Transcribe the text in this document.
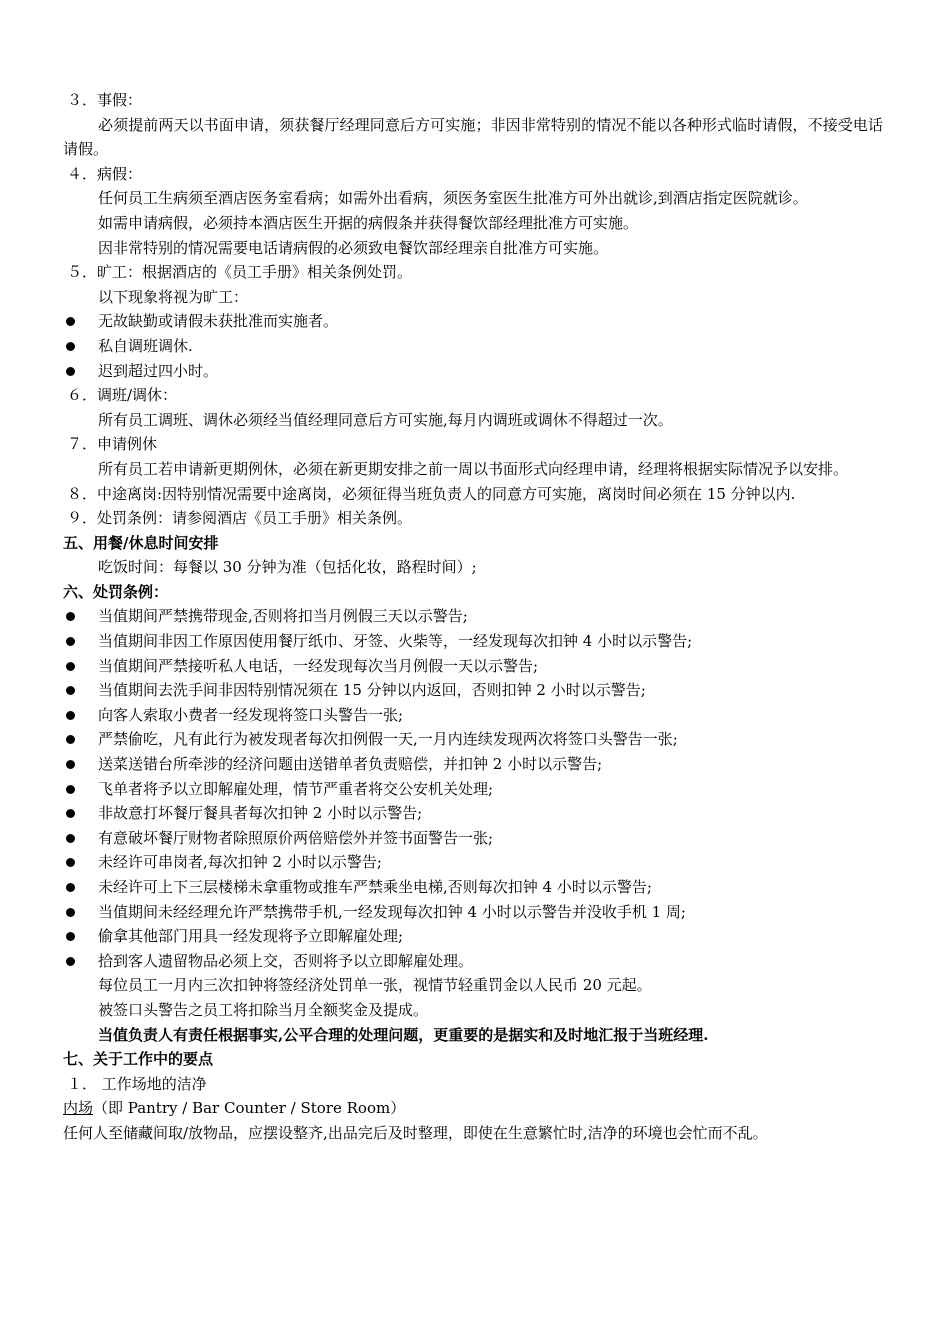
３．事假：

必须提前两天以书面申请，须获餐厅经理同意后方可实施；非因非常特别的情况不能以各种形式临时请假，不接受电话请假。

４．病假：

任何员工生病须至酒店医务室看病；如需外出看病，须医务室医生批准方可外出就诊,到酒店指定医院就诊。

如需申请病假，必须持本酒店医生开据的病假条并获得餐饮部经理批准方可实施。

因非常特别的情况需要电话请病假的必须致电餐饮部经理亲自批准方可实施。

５．旷工：根据酒店的《员工手册》相关条例处罚。

以下现象将视为旷工：

无故缺勤或请假未获批准而实施者。

私自调班调休.

迟到超过四小时。

６．调班/调休：

所有员工调班、调休必须经当值经理同意后方可实施,每月内调班或调休不得超过一次。

７．申请例休

所有员工若申请新更期例休，必须在新更期安排之前一周以书面形式向经理申请，经理将根据实际情况予以安排。

８．中途离岗:因特别情况需要中途离岗，必须征得当班负责人的同意方可实施，离岗时间必须在 15 分钟以内.

９．处罚条例：请参阅酒店《员工手册》相关条例。

五、用餐/休息时间安排

吃饭时间：每餐以 30 分钟为准（包括化妆，路程时间）;

六、处罚条例：

当值期间严禁携带现金,否则将扣当月例假三天以示警告;

当值期间非因工作原因使用餐厅纸巾、牙签、火柴等，一经发现每次扣钟 4 小时以示警告;

当值期间严禁接听私人电话，一经发现每次当月例假一天以示警告;

当值期间去洗手间非因特别情况须在 15 分钟以内返回，否则扣钟 2 小时以示警告;

向客人索取小费者一经发现将签口头警告一张;

严禁偷吃，凡有此行为被发现者每次扣例假一天,一月内连续发现两次将签口头警告一张;

送菜送错台所牵涉的经济问题由送错单者负责赔偿，并扣钟 2 小时以示警告;

飞单者将予以立即解雇处理，情节严重者将交公安机关处理;

非故意打坏餐厅餐具者每次扣钟 2 小时以示警告;

有意破坏餐厅财物者除照原价两倍赔偿外并签书面警告一张;

未经许可串岗者,每次扣钟 2 小时以示警告;

未经许可上下三层楼梯未拿重物或推车严禁乘坐电梯,否则每次扣钟 4 小时以示警告;

当值期间未经经理允许严禁携带手机,一经发现每次扣钟 4 小时以示警告并没收手机 1 周;

偷拿其他部门用具一经发现将予立即解雇处理;

拾到客人遗留物品必须上交，否则将予以立即解雇处理。

每位员工一月内三次扣钟将签经济处罚单一张，视情节轻重罚金以人民币 20 元起。

被签口头警告之员工将扣除当月全额奖金及提成。

当值负责人有责任根据事实,公平合理的处理问题，更重要的是据实和及时地汇报于当班经理.

七、关于工作中的要点

１． 工作场地的洁净

内场（即 Pantry / Bar Counter / Store Room）

任何人至储藏间取/放物品，应摆设整齐,出品完后及时整理，即使在生意繁忙时,洁净的环境也会忙而不乱。
